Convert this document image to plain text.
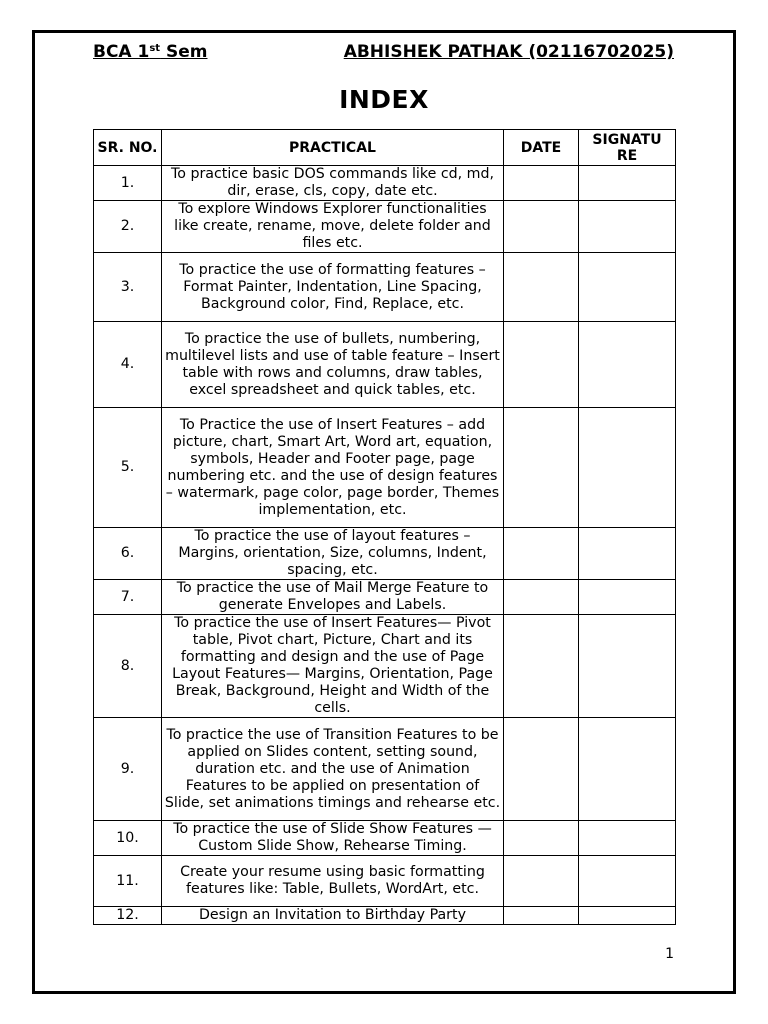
BCA 1st Sem	ABHISHEK PATHAK (02116702025)
INDEX
SR. NO.	PRACTICAL	DATE	SIGNATU RE
1.	To practice basic DOS commands like cd, md, dir, erase, cls, copy, date etc.		
2.	To explore Windows Explorer functionalities like create, rename, move, delete folder and files etc.		
3.	To practice the use of formatting features – Format Painter, Indentation, Line Spacing, Background color, Find, Replace, etc.		
4.	To practice the use of bullets, numbering, multilevel lists and use of table feature – Insert table with rows and columns, draw tables, excel spreadsheet and quick tables, etc.		
5.	To Practice the use of Insert Features – add picture, chart, Smart Art, Word art, equation, symbols, Header and Footer page, page numbering etc. and the use of design features – watermark, page color, page border, Themes implementation, etc.		
6.	To practice the use of layout features – Margins, orientation, Size, columns, Indent, spacing, etc.		
7.	To practice the use of Mail Merge Feature to generate Envelopes and Labels.		
8.	To practice the use of Insert Features— Pivot table, Pivot chart, Picture, Chart and its formatting and design and the use of Page Layout Features— Margins, Orientation, Page Break, Background, Height and Width of the cells.		
9.	To practice the use of Transition Features to be applied on Slides content, setting sound, duration etc. and the use of Animation Features to be applied on presentation of Slide, set animations timings and rehearse etc.		
10.	To practice the use of Slide Show Features — Custom Slide Show, Rehearse Timing.		
11.	Create your resume using basic formatting features like: Table, Bullets, WordArt, etc.		
12.	Design an Invitation to Birthday Party		
1
